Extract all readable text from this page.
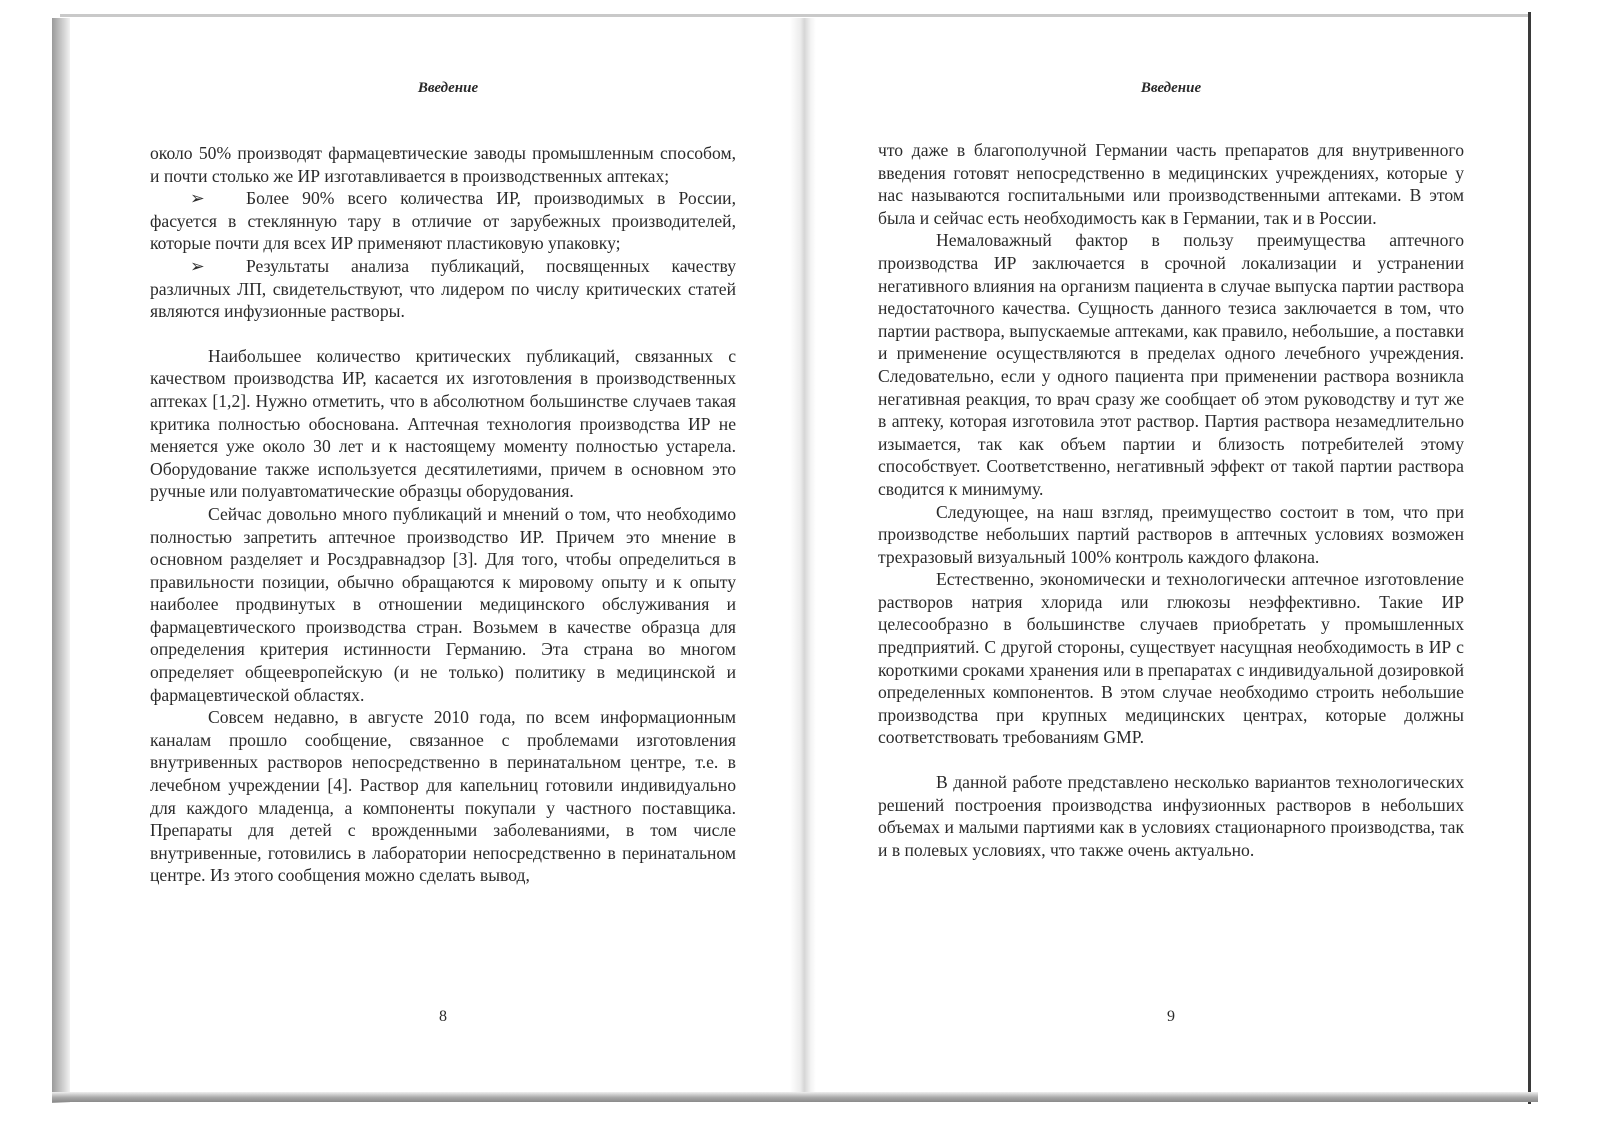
Введение

около 50% производят фармацевтические заводы промышленным способом, и почти столько же ИР изготавливается в производственных аптеках;

➢ Более 90% всего количества ИР, производимых в России, фасуется в стеклянную тару в отличие от зарубежных производителей, которые почти для всех ИР применяют пластиковую упаковку;

➢ Результаты анализа публикаций, посвященных качеству различных ЛП, свидетельствуют, что лидером по числу критических статей являются инфузионные растворы.

Наибольшее количество критических публикаций, связанных с качеством производства ИР, касается их изготовления в производственных аптеках [1,2]. Нужно отметить, что в абсолютном большинстве случаев такая критика полностью обоснована. Аптечная технология производства ИР не меняется уже около 30 лет и к настоящему моменту полностью устарела. Оборудование также используется десятилетиями, причем в основном это ручные или полуавтоматические образцы оборудования.

Сейчас довольно много публикаций и мнений о том, что необходимо полностью запретить аптечное производство ИР. Причем это мнение в основном разделяет и Росздравнадзор [3]. Для того, чтобы определиться в правильности позиции, обычно обращаются к мировому опыту и к опыту наиболее продвинутых в отношении медицинского обслуживания и фармацевтического производства стран. Возьмем в качестве образца для определения критерия истинности Германию. Эта страна во многом определяет общеевропейскую (и не только) политику в медицинской и фармацевтической областях.

Совсем недавно, в августе 2010 года, по всем информационным каналам прошло сообщение, связанное с проблемами изготовления внутривенных растворов непосредственно в перинатальном центре, т.е. в лечебном учреждении [4]. Раствор для капельниц готовили индивидуально для каждого младенца, а компоненты покупали у частного поставщика. Препараты для детей с врожденными заболеваниями, в том числе внутривенные, готовились в лаборатории непосредственно в перинатальном центре. Из этого сообщения можно сделать вывод,

8
Введение

что даже в благополучной Германии часть препаратов для внутривенного введения готовят непосредственно в медицинских учреждениях, которые у нас называются госпитальными или производственными аптеками. В этом была и сейчас есть необходимость как в Германии, так и в России.

Немаловажный фактор в пользу преимущества аптечного производства ИР заключается в срочной локализации и устранении негативного влияния на организм пациента в случае выпуска партии раствора недостаточного качества. Сущность данного тезиса заключается в том, что партии раствора, выпускаемые аптеками, как правило, небольшие, а поставки и применение осуществляются в пределах одного лечебного учреждения. Следовательно, если у одного пациента при применении раствора возникла негативная реакция, то врач сразу же сообщает об этом руководству и тут же в аптеку, которая изготовила этот раствор. Партия раствора незамедлительно изымается, так как объем партии и близость потребителей этому способствует. Соответственно, негативный эффект от такой партии раствора сводится к минимуму.

Следующее, на наш взгляд, преимущество состоит в том, что при производстве небольших партий растворов в аптечных условиях возможен трехразовый визуальный 100% контроль каждого флакона.

Естественно, экономически и технологически аптечное изготовление растворов натрия хлорида или глюкозы неэффективно. Такие ИР целесообразно в большинстве случаев приобретать у промышленных предприятий. С другой стороны, существует насущная необходимость в ИР с короткими сроками хранения или в препаратах с индивидуальной дозировкой определенных компонентов. В этом случае необходимо строить небольшие производства при крупных медицинских центрах, которые должны соответствовать требованиям GMP.

В данной работе представлено несколько вариантов технологических решений построения производства инфузионных растворов в небольших объемах и малыми партиями как в условиях стационарного производства, так и в полевых условиях, что также очень актуально.

9
